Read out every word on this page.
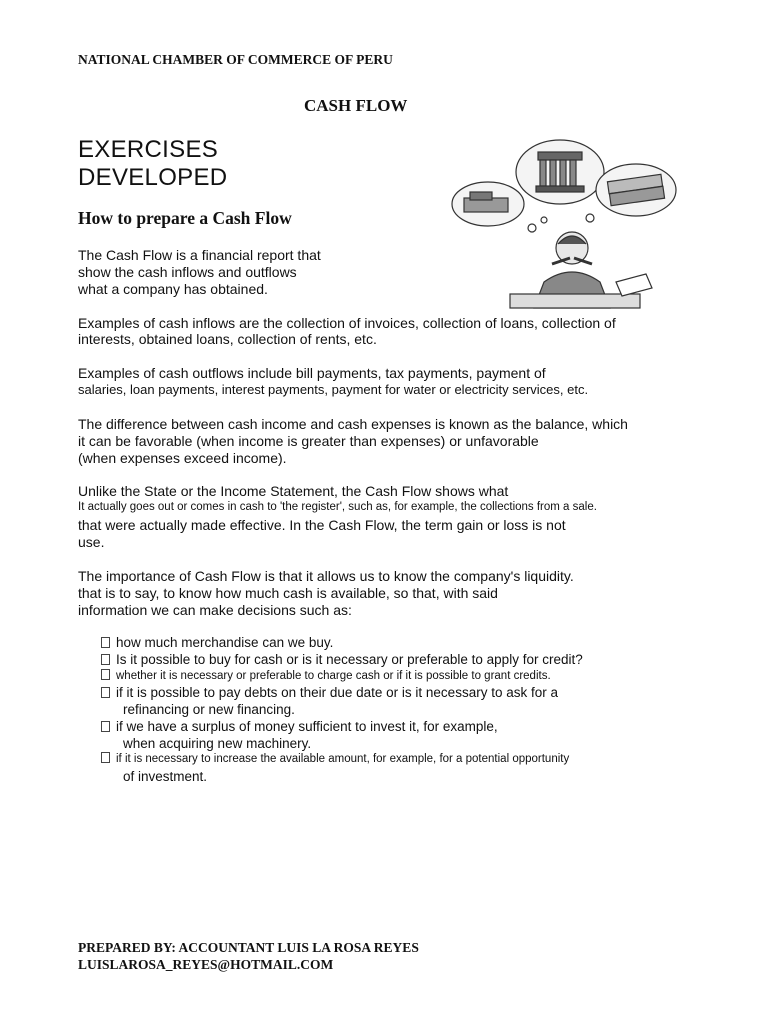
NATIONAL CHAMBER OF COMMERCE OF PERU
CASH FLOW
EXERCISES
DEVELOPED
How to prepare a Cash Flow
The Cash Flow is a financial report that
show the cash inflows and outflows
what a company has obtained.
Examples of cash inflows are the collection of invoices, collection of loans, collection of
interests, obtained loans, collection of rents, etc.
Examples of cash outflows include bill payments, tax payments, payment of
salaries, loan payments, interest payments, payment for water or electricity services, etc.
The difference between cash income and cash expenses is known as the balance, which
it can be favorable (when income is greater than expenses) or unfavorable
(when expenses exceed income).
Unlike the State or the Income Statement, the Cash Flow shows what
It actually goes out or comes in cash to 'the register', such as, for example, the collections from a sale.
that were actually made effective. In the Cash Flow, the term gain or loss is not
use.
The importance of Cash Flow is that it allows us to know the company's liquidity.
that is to say, to know how much cash is available, so that, with said
information we can make decisions such as:
how much merchandise can we buy.
Is it possible to buy for cash or is it necessary or preferable to apply for credit?
whether it is necessary or preferable to charge cash or if it is possible to grant credits.
if it is possible to pay debts on their due date or is it necessary to ask for a
refinancing or new financing.
if we have a surplus of money sufficient to invest it, for example,
when acquiring new machinery.
if it is necessary to increase the available amount, for example, for a potential opportunity
of investment.
PREPARED BY: ACCOUNTANT LUIS LA ROSA REYES
LUISLAROSA_REYES@HOTMAIL.COM
